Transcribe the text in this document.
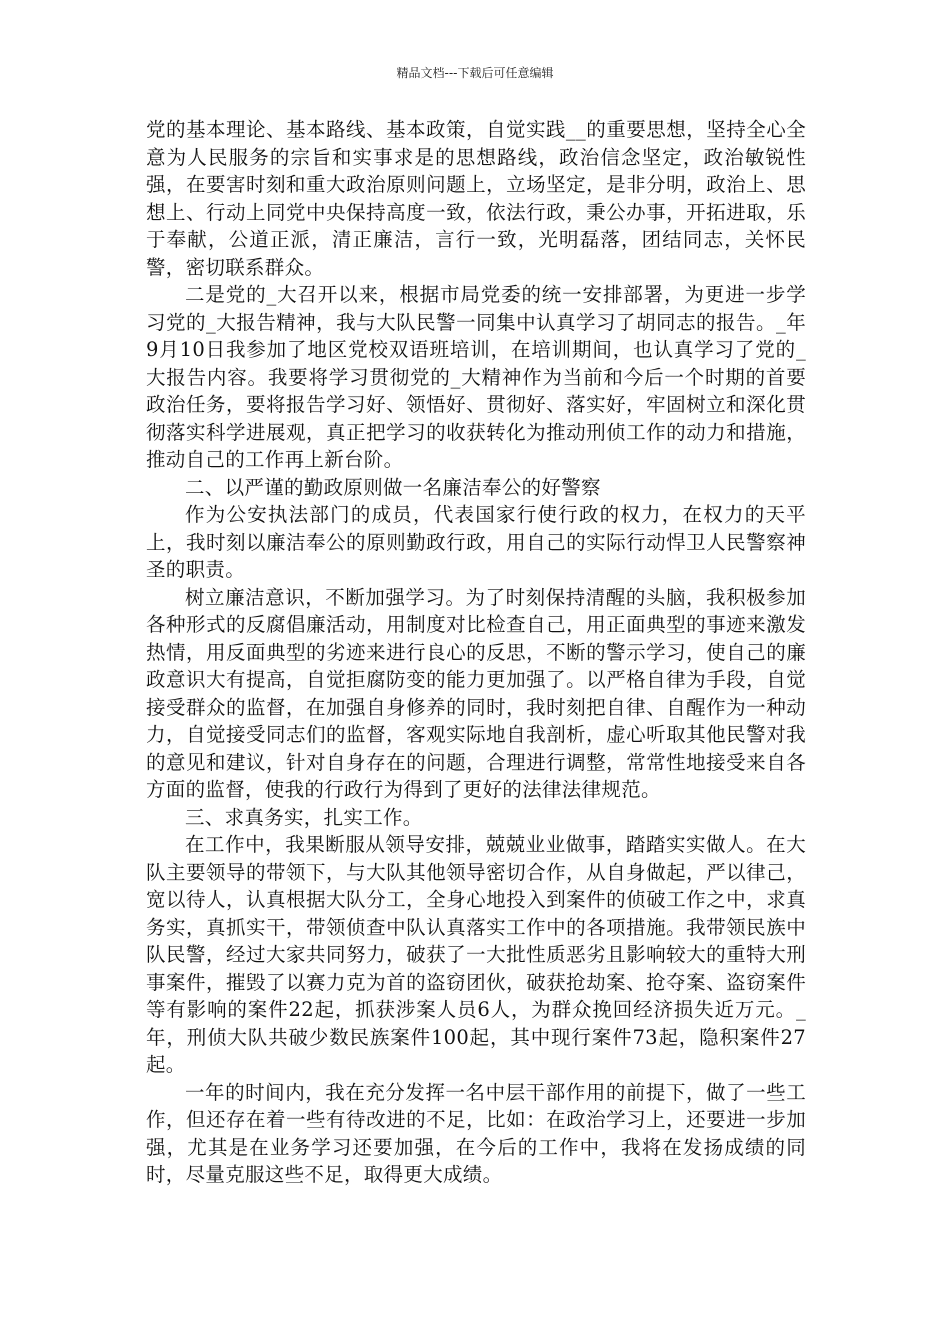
精品文档---下载后可任意编辑

党的基本理论、基本路线、基本政策，自觉实践__的重要思想，坚持全心全意为人民服务的宗旨和实事求是的思想路线，政治信念坚定，政治敏锐性强，在要害时刻和重大政治原则问题上，立场坚定，是非分明，政治上、思想上、行动上同党中央保持高度一致，依法行政，秉公办事，开拓进取，乐于奉献，公道正派，清正廉洁，言行一致，光明磊落，团结同志，关怀民警，密切联系群众。

二是党的_大召开以来，根据市局党委的统一安排部署，为更进一步学习党的_大报告精神，我与大队民警一同集中认真学习了胡同志的报告。_年9月10日我参加了地区党校双语班培训，在培训期间，也认真学习了党的_大报告内容。我要将学习贯彻党的_大精神作为当前和今后一个时期的首要政治任务，要将报告学习好、领悟好、贯彻好、落实好，牢固树立和深化贯彻落实科学进展观，真正把学习的收获转化为推动刑侦工作的动力和措施，推动自己的工作再上新台阶。

二、以严谨的勤政原则做一名廉洁奉公的好警察

作为公安执法部门的成员，代表国家行使行政的权力，在权力的天平上，我时刻以廉洁奉公的原则勤政行政，用自己的实际行动悍卫人民警察神圣的职责。

树立廉洁意识，不断加强学习。为了时刻保持清醒的头脑，我积极参加各种形式的反腐倡廉活动，用制度对比检查自己，用正面典型的事迹来激发热情，用反面典型的劣迹来进行良心的反思，不断的警示学习，使自己的廉政意识大有提高，自觉拒腐防变的能力更加强了。以严格自律为手段，自觉接受群众的监督，在加强自身修养的同时，我时刻把自律、自醒作为一种动力，自觉接受同志们的监督，客观实际地自我剖析，虚心听取其他民警对我的意见和建议，针对自身存在的问题，合理进行调整，常常性地接受来自各方面的监督，使我的行政行为得到了更好的法律法律规范。

三、求真务实，扎实工作。

在工作中，我果断服从领导安排，兢兢业业做事，踏踏实实做人。在大队主要领导的带领下，与大队其他领导密切合作，从自身做起，严以律己，宽以待人，认真根据大队分工，全身心地投入到案件的侦破工作之中，求真务实，真抓实干，带领侦查中队认真落实工作中的各项措施。我带领民族中队民警，经过大家共同努力，破获了一大批性质恶劣且影响较大的重特大刑事案件，摧毁了以赛力克为首的盗窃团伙，破获抢劫案、抢夺案、盗窃案件等有影响的案件22起，抓获涉案人员6人，为群众挽回经济损失近万元。_年，刑侦大队共破少数民族案件100起，其中现行案件73起，隐积案件27起。

一年的时间内，我在充分发挥一名中层干部作用的前提下，做了一些工作，但还存在着一些有待改进的不足，比如：在政治学习上，还要进一步加强，尤其是在业务学习还要加强，在今后的工作中，我将在发扬成绩的同时，尽量克服这些不足，取得更大成绩。
